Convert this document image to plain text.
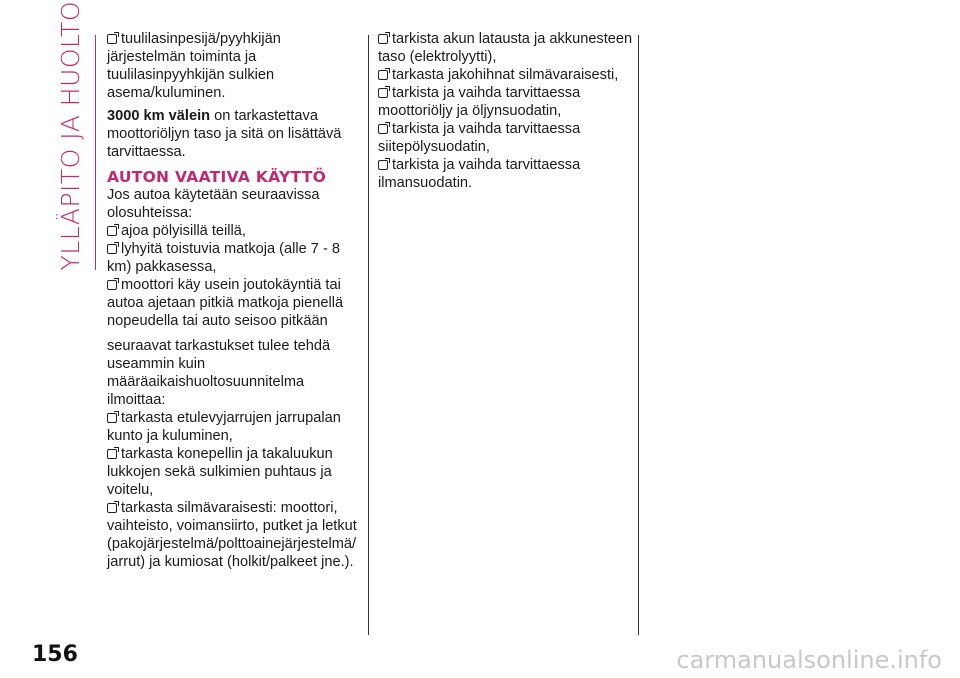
YLLÄPITO JA HUOLTO	tuulilasinpesijä/pyyhkijän järjestelmän toiminta ja tuulilasinpyyhkijän sulkien asema/kuluminen.

3000 km välein on tarkastettava moottoriöljyn taso ja sitä on lisättävä tarvittaessa.

AUTON VAATIVA KÄYTTÖ

Jos autoa käytetään seuraavissa olosuhteissa:

ajoa pölyisillä teillä,

lyhyitä toistuvia matkoja (alle 7 - 8 km) pakkasessa,

moottori käy usein joutokäyntiä tai autoa ajetaan pitkiä matkoja pienellä nopeudella tai auto seisoo pitkään

seuraavat tarkastukset tulee tehdä useammin kuin määräaikaishuoltosuunnitelma ilmoittaa:

tarkasta etulevyjarrujen jarrupalan kunto ja kuluminen,

tarkasta konepellin ja takaluukun lukkojen sekä sulkimien puhtaus ja voitelu,

tarkasta silmävaraisesti: moottori, vaihteisto, voimansiirto, putket ja letkut (pakojärjestelmä/polttoainejärjestelmä/ jarrut) ja kumiosat (holkit/palkeet jne.).

tarkista akun latausta ja akkunesteen taso (elektrolyytti),

tarkasta jakohihnat silmävaraisesti,

tarkista ja vaihda tarvittaessa moottoriöljy ja öljynsuodatin,

tarkista ja vaihda tarvittaessa siitepölysuodatin,

tarkista ja vaihda tarvittaessa ilmansuodatin.

156	carmanualsonline.info
